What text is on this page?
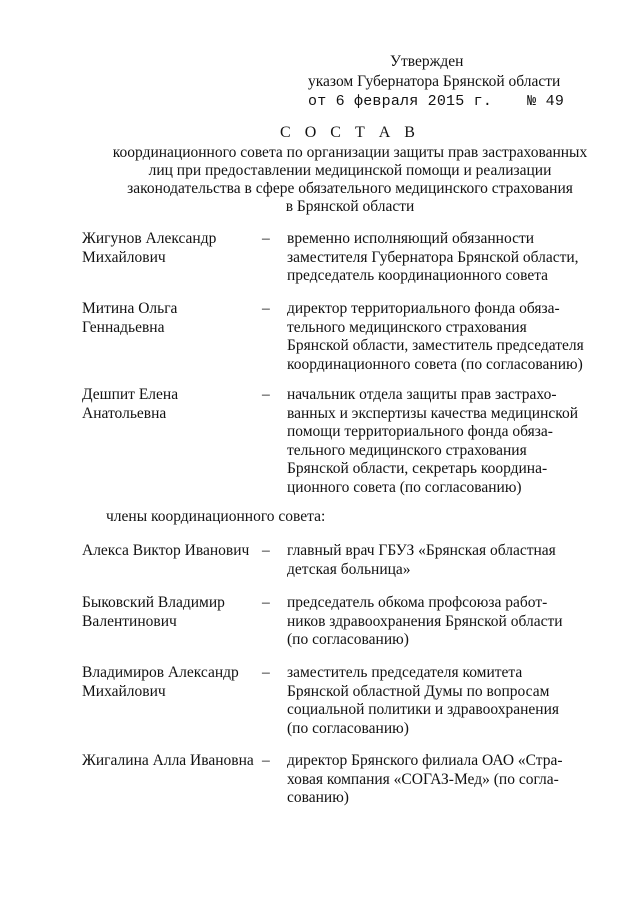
Утвержден
указом Губернатора Брянской области
от 6 февраля 2015 г. № 49
С О С Т А В
координационного совета по организации защиты прав застрахованных
лиц при предоставлении медицинской помощи и реализации
законодательства в сфере обязательного медицинского страхования
в Брянской области
Жигунов Александр
Михайлович
–	временно исполняющий обязанности
заместителя Губернатора Брянской области,
председатель координационного совета
Митина Ольга
Геннадьевна
–	директор территориального фонда обяза-
тельного медицинского страхования
Брянской области, заместитель председателя
координационного совета (по согласованию)
Дешпит Елена
Анатольевна
–	начальник отдела защиты прав застрахо-
ванных и экспертизы качества медицинской
помощи территориального фонда обяза-
тельного медицинского страхования
Брянской области, секретарь координа-
ционного совета (по согласованию)
члены координационного совета:
Алекса Виктор Иванович –	главный врач ГБУЗ «Брянская областная
детская больница»
Быковский Владимир
Валентинович
–	председатель обкома профсоюза работ-
ников здравоохранения Брянской области
(по согласованию)
Владимиров Александр
Михайлович
–	заместитель председателя комитета
Брянской областной Думы по вопросам
социальной политики и здравоохранения
(по согласованию)
Жигалина Алла Ивановна –	директор Брянского филиала ОАО «Стра-
ховая компания «СОГАЗ-Мед» (по согла-
сованию)
